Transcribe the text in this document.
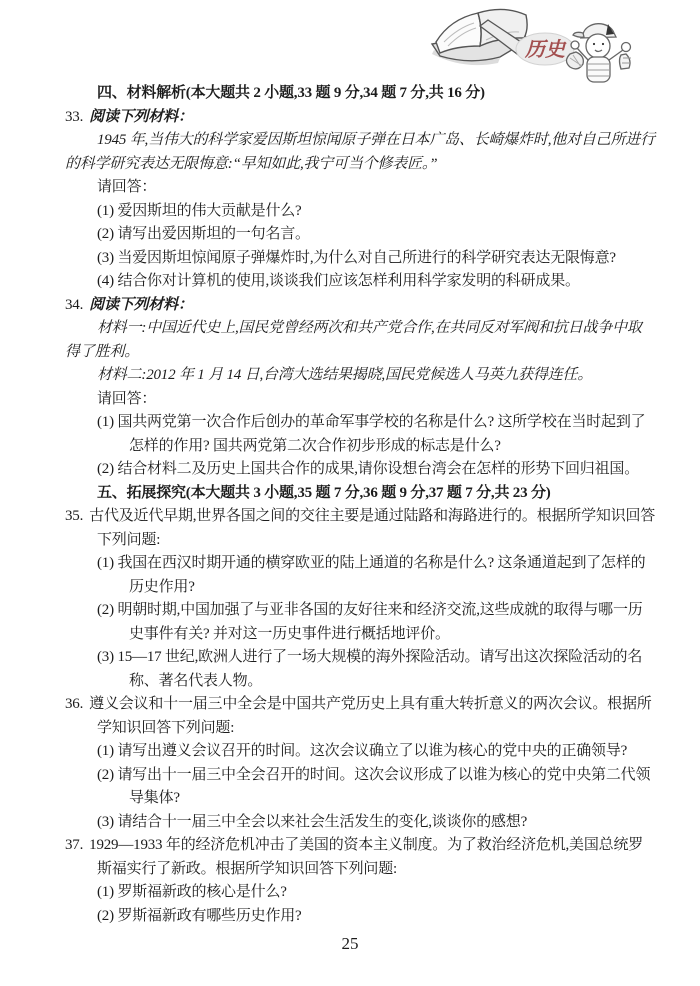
历史

四、材料解析(本大题共 2 小题,33 题 9 分,34 题 7 分,共 16 分)

33. 阅读下列材料：

1945 年,当伟大的科学家爱因斯坦惊闻原子弹在日本广岛、长崎爆炸时,他对自己所进行的科学研究表达无限悔意:“早知如此,我宁可当个修表匠。”

请回答：

(1) 爱因斯坦的伟大贡献是什么?

(2) 请写出爱因斯坦的一句名言。

(3) 当爱因斯坦惊闻原子弹爆炸时,为什么对自己所进行的科学研究表达无限悔意?

(4) 结合你对计算机的使用,谈谈我们应该怎样利用科学家发明的科研成果。

34. 阅读下列材料：

材料一:中国近代史上,国民党曾经两次和共产党合作,在共同反对军阀和抗日战争中取得了胜利。

材料二:2012 年 1 月 14 日,台湾大选结果揭晓,国民党候选人马英九获得连任。

请回答：

(1) 国共两党第一次合作后创办的革命军事学校的名称是什么? 这所学校在当时起到了怎样的作用? 国共两党第二次合作初步形成的标志是什么?

(2) 结合材料二及历史上国共合作的成果,请你设想台湾会在怎样的形势下回归祖国。

五、拓展探究(本大题共 3 小题,35 题 7 分,36 题 9 分,37 题 7 分,共 23 分)

35. 古代及近代早期,世界各国之间的交往主要是通过陆路和海路进行的。根据所学知识回答下列问题:

(1) 我国在西汉时期开通的横穿欧亚的陆上通道的名称是什么? 这条通道起到了怎样的历史作用?

(2) 明朝时期,中国加强了与亚非各国的友好往来和经济交流,这些成就的取得与哪一历史事件有关? 并对这一历史事件进行概括地评价。

(3) 15—17 世纪,欧洲人进行了一场大规模的海外探险活动。请写出这次探险活动的名称、著名代表人物。

36. 遵义会议和十一届三中全会是中国共产党历史上具有重大转折意义的两次会议。根据所学知识回答下列问题:

(1) 请写出遵义会议召开的时间。这次会议确立了以谁为核心的党中央的正确领导?

(2) 请写出十一届三中全会召开的时间。这次会议形成了以谁为核心的党中央第二代领导集体?

(3) 请结合十一届三中全会以来社会生活发生的变化,谈谈你的感想?

37. 1929—1933 年的经济危机冲击了美国的资本主义制度。为了救治经济危机,美国总统罗斯福实行了新政。根据所学知识回答下列问题:

(1) 罗斯福新政的核心是什么?

(2) 罗斯福新政有哪些历史作用?

25
